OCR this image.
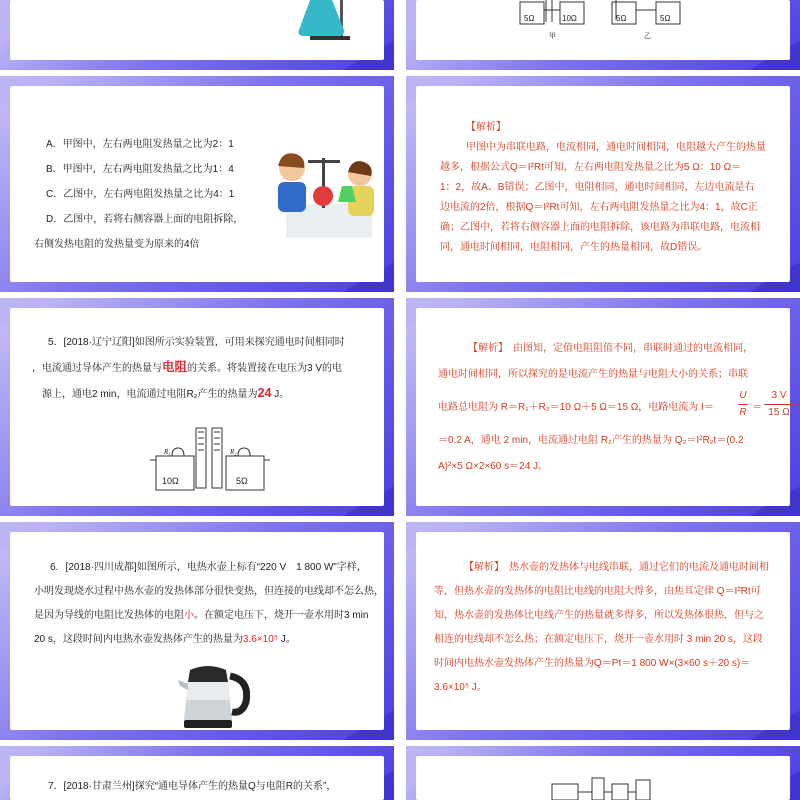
5Ω	10Ω	5Ω	5Ω
甲	乙
A．甲图中，左右两电阻发热量之比为2：1
B．甲图中，左右两电阻发热量之比为1：4
C．乙图中，左右两电阻发热量之比为4：1
D．乙图中，若将右侧容器上面的电阻拆除，
右侧发热电阻的发热量变为原来的4倍
【解析】
甲图中为串联电路，电流相同，通电时间相同，电阻越大产生的热量
越多，根据公式Q＝I²Rt可知，左右两电阻发热量之比为5 Ω：10 Ω＝
1：2，故A、B错误；乙图中，电阻相同，通电时间相同，左边电流是右
边电流的2倍，根据Q＝I²Rt可知，左右两电阻发热量之比为4：1，故C正
确；乙图中，若将右侧容器上面的电阻拆除，该电路为串联电路，电流相
同，通电时间相同，电阻相同，产生的热量相同，故D错误。
5．[2018·辽宁辽阳]如图所示实验装置，可用来探究通电时间相同时
，电流通过导体产生的热量与电阻的关系。将装置接在电压为3 V的电
源上，通电2 min，电流通过电阻R₂产生的热量为24 J。
R₁	R₂
10Ω	5Ω
【解析】　 由图知，定值电阻阻值不同，串联时通过的电流相同，
通电时间相同，所以探究的是电流产生的热量与电阻大小的关系；串联
电路总电阻为 R＝R₁＋R₂＝10 Ω＋5 Ω＝15 Ω，电路电流为 $I= \frac{U}{R} = \frac{3 V}{15 \Omega}$
＝0.2 A，通电 2 min，电流通过电阻 R₂产生的热量为 Q₂＝I²R₂t＝(0.2
A)²×5 Ω×2×60 s＝24 J。
6．[2018·四川成都]如图所示，电热水壶上标有“220 V　1 800 W”字样，
小明发现烧水过程中热水壶的发热体部分很快变热，但连接的电线却不怎么热，
是因为导线的电阻比发热体的电阻小。在额定电压下，烧开一壶水用时3 min
20 s，这段时间内电热水壶发热体产生的热量为3.6×10⁵ J。
【解析】　 热水壶的发热体与电线串联，通过它们的电流及通电时间相
等，但热水壶的发热体的电阻比电线的电阻大得多，由焦耳定律 Q＝I²Rt可
知，热水壶的发热体比电线产生的热量就多得多，所以发热体很热，但与之
相连的电线却不怎么热；在额定电压下，烧开一壶水用时 3 min 20 s，这段
时间内电热水壶发热体产生的热量为Q＝Pt＝1 800 W×(3×60 s＋20 s)＝
3.6×10⁵ J。
7．[2018·甘肃兰州]探究“通电导体产生的热量Q与电阻R的关系”，
